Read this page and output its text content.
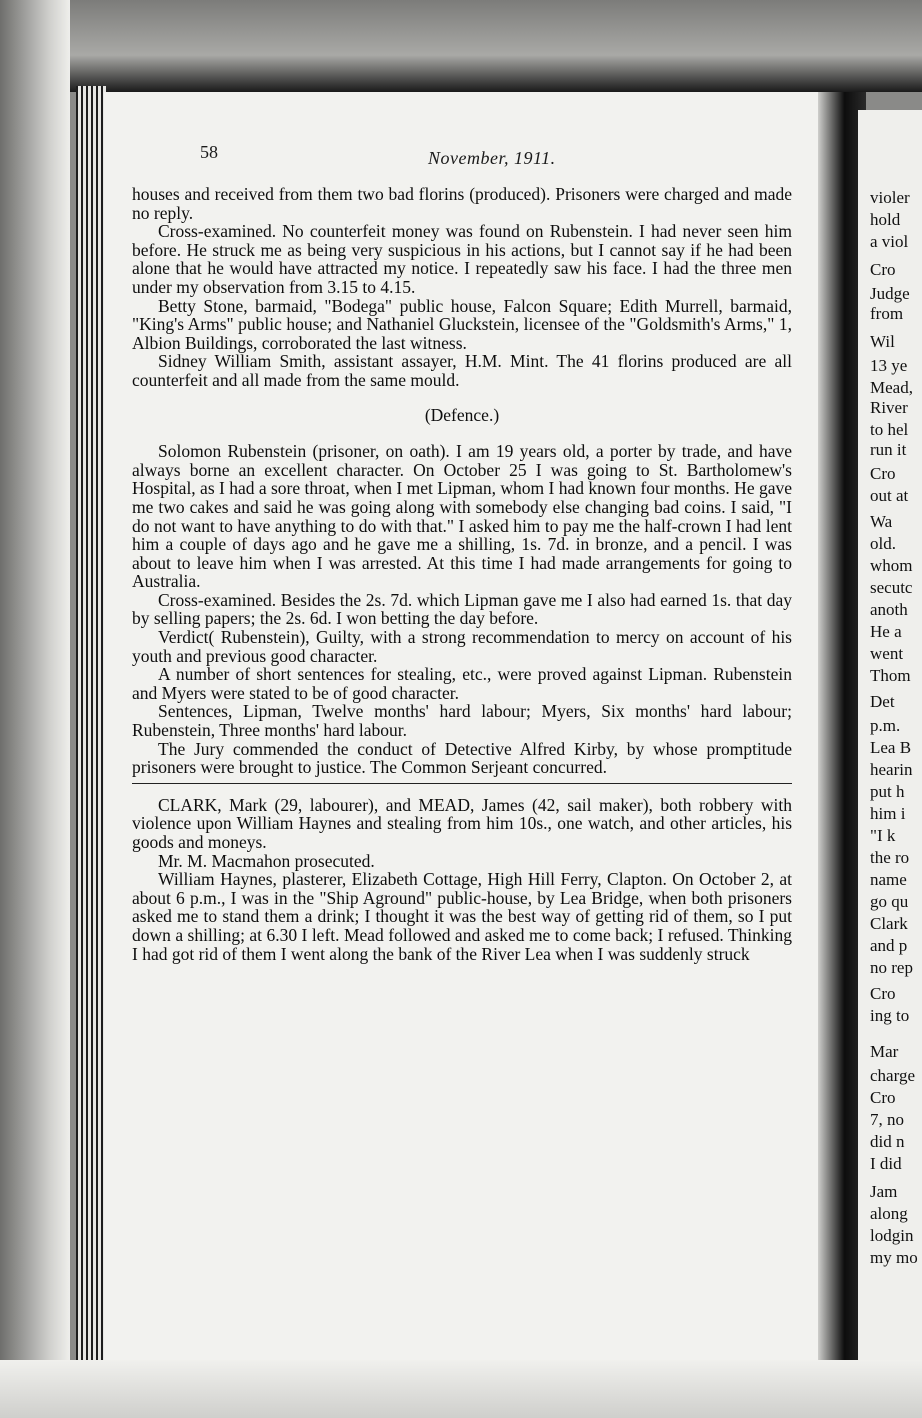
58	November, 1911.

houses and received from them two bad florins (produced). Prisoners were charged and made no reply.

Cross-examined. No counterfeit money was found on Rubenstein. I had never seen him before. He struck me as being very suspicious in his actions, but I cannot say if he had been alone that he would have attracted my notice. I repeatedly saw his face. I had the three men under my observation from 3.15 to 4.15.

Betty Stone, barmaid, "Bodega" public house, Falcon Square; Edith Murrell, barmaid, "King's Arms" public house; and Nathaniel Gluckstein, licensee of the "Goldsmith's Arms," 1, Albion Buildings, corroborated the last witness.

Sidney William Smith, assistant assayer, H.M. Mint. The 41 florins produced are all counterfeit and all made from the same mould.

(Defence.)

Solomon Rubenstein (prisoner, on oath). I am 19 years old, a porter by trade, and have always borne an excellent character. On October 25 I was going to St. Bartholomew's Hospital, as I had a sore throat, when I met Lipman, whom I had known four months. He gave me two cakes and said he was going along with somebody else changing bad coins. I said, "I do not want to have anything to do with that." I asked him to pay me the half-crown I had lent him a couple of days ago and he gave me a shilling, 1s. 7d. in bronze, and a pencil. I was about to leave him when I was arrested. At this time I had made arrangements for going to Australia.

Cross-examined. Besides the 2s. 7d. which Lipman gave me I also had earned 1s. that day by selling papers; the 2s. 6d. I won betting the day before.

Verdict( Rubenstein), Guilty, with a strong recommendation to mercy on account of his youth and previous good character.

A number of short sentences for stealing, etc., were proved against Lipman. Rubenstein and Myers were stated to be of good character.

Sentences, Lipman, Twelve months' hard labour; Myers, Six months' hard labour; Rubenstein, Three months' hard labour.

The Jury commended the conduct of Detective Alfred Kirby, by whose promptitude prisoners were brought to justice. The Common Serjeant concurred.

CLARK, Mark (29, labourer), and MEAD, James (42, sail maker), both robbery with violence upon William Haynes and stealing from him 10s., one watch, and other articles, his goods and moneys.

Mr. M. Macmahon prosecuted.

William Haynes, plasterer, Elizabeth Cottage, High Hill Ferry, Clapton. On October 2, at about 6 p.m., I was in the "Ship Aground" public-house, by Lea Bridge, when both prisoners asked me to stand them a drink; I thought it was the best way of getting rid of them, so I put down a shilling; at 6.30 I left. Mead followed and asked me to come back; I refused. Thinking I had got rid of them I went along the bank of the River Lea when I was suddenly struck

violer
hold
a viol
Cro
Judge
from
Wil
13 ye
Mead,
River
to hel
run it
Cro
out at
Wa
old.
whom
secutc
anoth
He a
went
Thom
Det
p.m.
Lea B
hearin
put h
him i
"I k
the ro
name
go qu
Clark
and p
no rep
Cro
ing to
Mar
charge
Cro
7, no
did n
I did
Jam
along
lodgin
my mo
